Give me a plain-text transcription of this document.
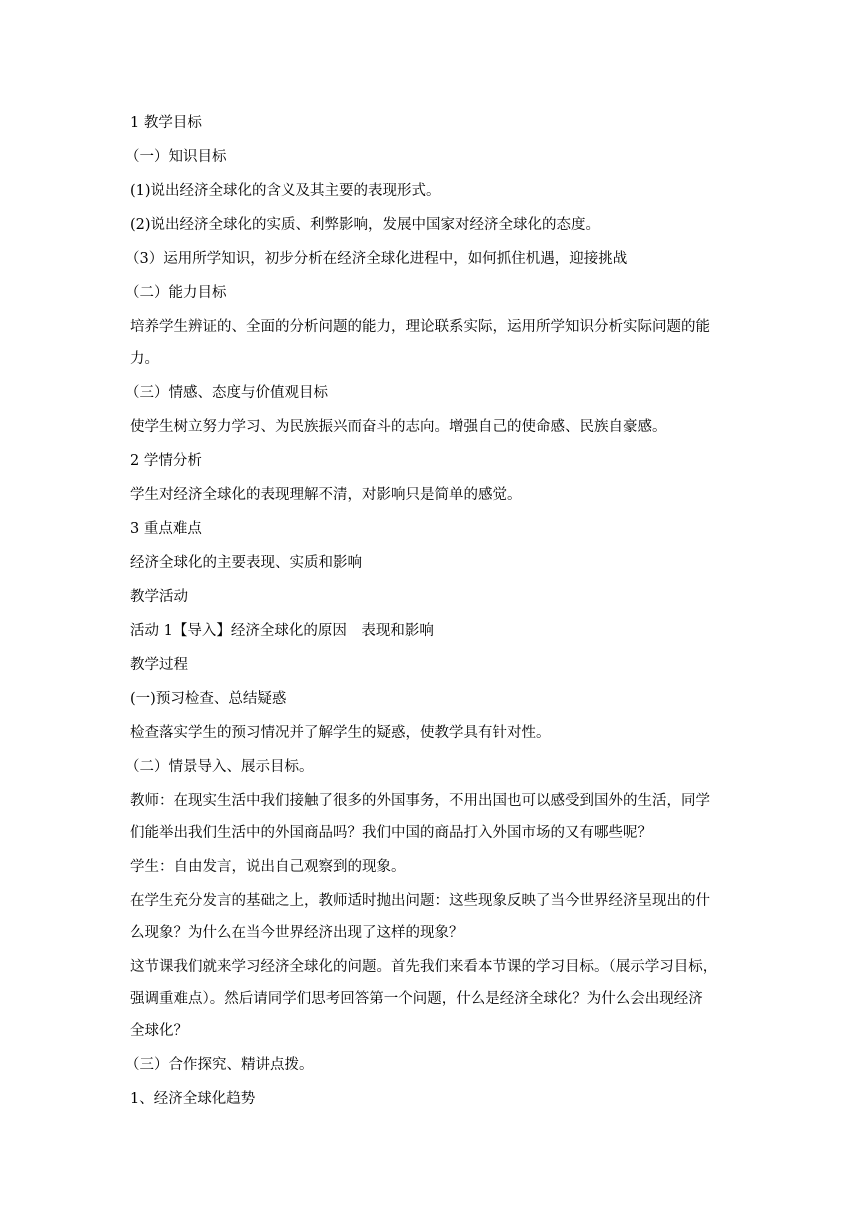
1 教学目标
（一）知识目标
(1)说出经济全球化的含义及其主要的表现形式。
(2)说出经济全球化的实质、利弊影响，发展中国家对经济全球化的态度。
（3）运用所学知识，初步分析在经济全球化进程中，如何抓住机遇，迎接挑战
（二）能力目标
培养学生辨证的、全面的分析问题的能力，理论联系实际，运用所学知识分析实际问题的能
力。
（三）情感、态度与价值观目标
使学生树立努力学习、为民族振兴而奋斗的志向。增强自己的使命感、民族自豪感。
2 学情分析
学生对经济全球化的表现理解不清，对影响只是简单的感觉。
3 重点难点
经济全球化的主要表现、实质和影响
教学活动
活动 1【导入】经济全球化的原因　表现和影响
教学过程
(一)预习检查、总结疑惑
检查落实学生的预习情况并了解学生的疑惑，使教学具有针对性。
（二）情景导入、展示目标。
教师：在现实生活中我们接触了很多的外国事务，不用出国也可以感受到国外的生活，同学
们能举出我们生活中的外国商品吗？我们中国的商品打入外国市场的又有哪些呢？
学生：自由发言，说出自己观察到的现象。
在学生充分发言的基础之上，教师适时抛出问题：这些现象反映了当今世界经济呈现出的什
么现象？为什么在当今世界经济出现了这样的现象？
这节课我们就来学习经济全球化的问题。首先我们来看本节课的学习目标。（展示学习目标，
强调重难点）。然后请同学们思考回答第一个问题，什么是经济全球化？为什么会出现经济
全球化？
（三）合作探究、精讲点拨。
1、经济全球化趋势
